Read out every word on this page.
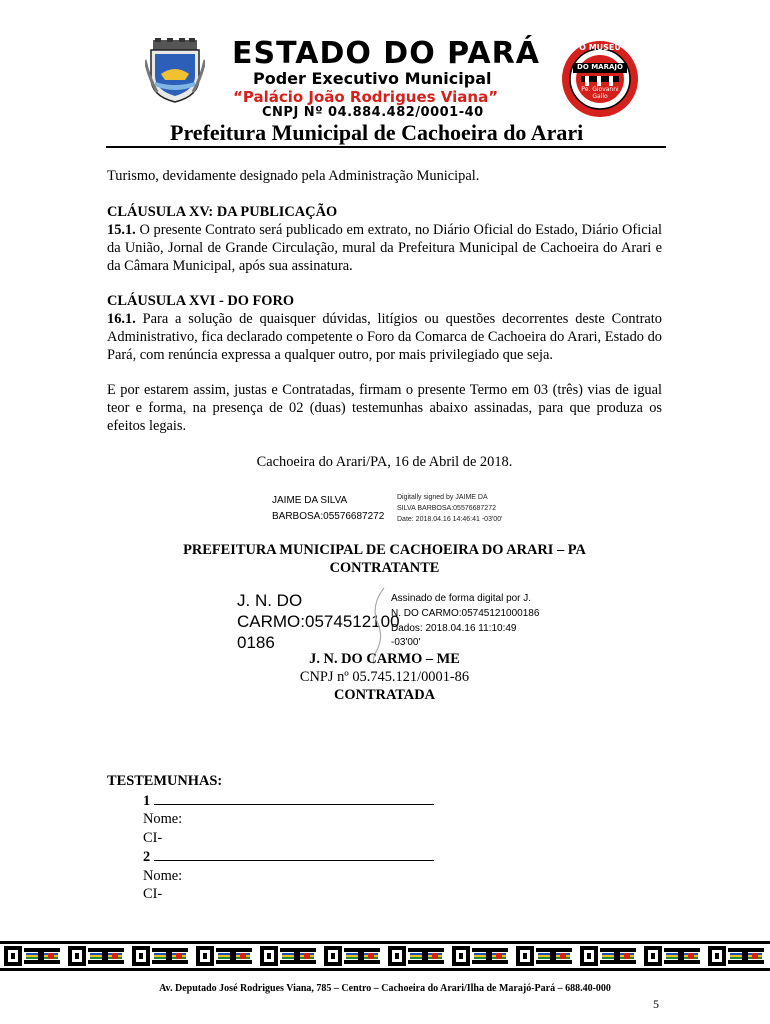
ESTADO DO PARÁ
Poder Executivo Municipal
“Palácio João Rodrigues Viana”
CNPJ Nº 04.884.482/0001-40
O MUSEU
DO MARAJÓ
Pe. Giovanni
Gallo
Prefeitura Municipal de Cachoeira do Arari
Turismo, devidamente designado pela Administração Municipal.
CLÁUSULA XV: DA PUBLICAÇÃO
15.1. O presente Contrato será publicado em extrato, no Diário Oficial do Estado, Diário Oficial da União, Jornal de Grande Circulação, mural da Prefeitura Municipal de Cachoeira do Arari e da Câmara Municipal, após sua assinatura.
CLÁUSULA XVI - DO FORO
16.1. Para a solução de quaisquer dúvidas, litígios ou questões decorrentes deste Contrato Administrativo, fica declarado competente o Foro da Comarca de Cachoeira do Arari, Estado do Pará, com renúncia expressa a qualquer outro, por mais privilegiado que seja.
E por estarem assim, justas e Contratadas, firmam o presente Termo em 03 (três) vias de igual teor e forma, na presença de 02 (duas) testemunhas abaixo assinadas, para que produza os efeitos legais.
Cachoeira do Arari/PA, 16 de Abril de 2018.
JAIME DA SILVA
BARBOSA:05576687272
Digitally signed by JAIME DA
SILVA BARBOSA:05576687272
Date: 2018.04.16 14:46:41 -03'00'
PREFEITURA MUNICIPAL DE CACHOEIRA DO ARARI – PA
CONTRATANTE
J. N. DO
CARMO:0574512100
0186
Assinado de forma digital por J.
N. DO CARMO:05745121000186
Dados: 2018.04.16 11:10:49
-03'00'
J. N. DO CARMO – ME
CNPJ nº 05.745.121/0001-86
CONTRATADA
TESTEMUNHAS:
1
Nome:
CI-
2
Nome:
CI-
Av. Deputado José Rodrigues Viana, 785 – Centro – Cachoeira do Arari/Ilha de Marajó-Pará – 688.40-000
5
